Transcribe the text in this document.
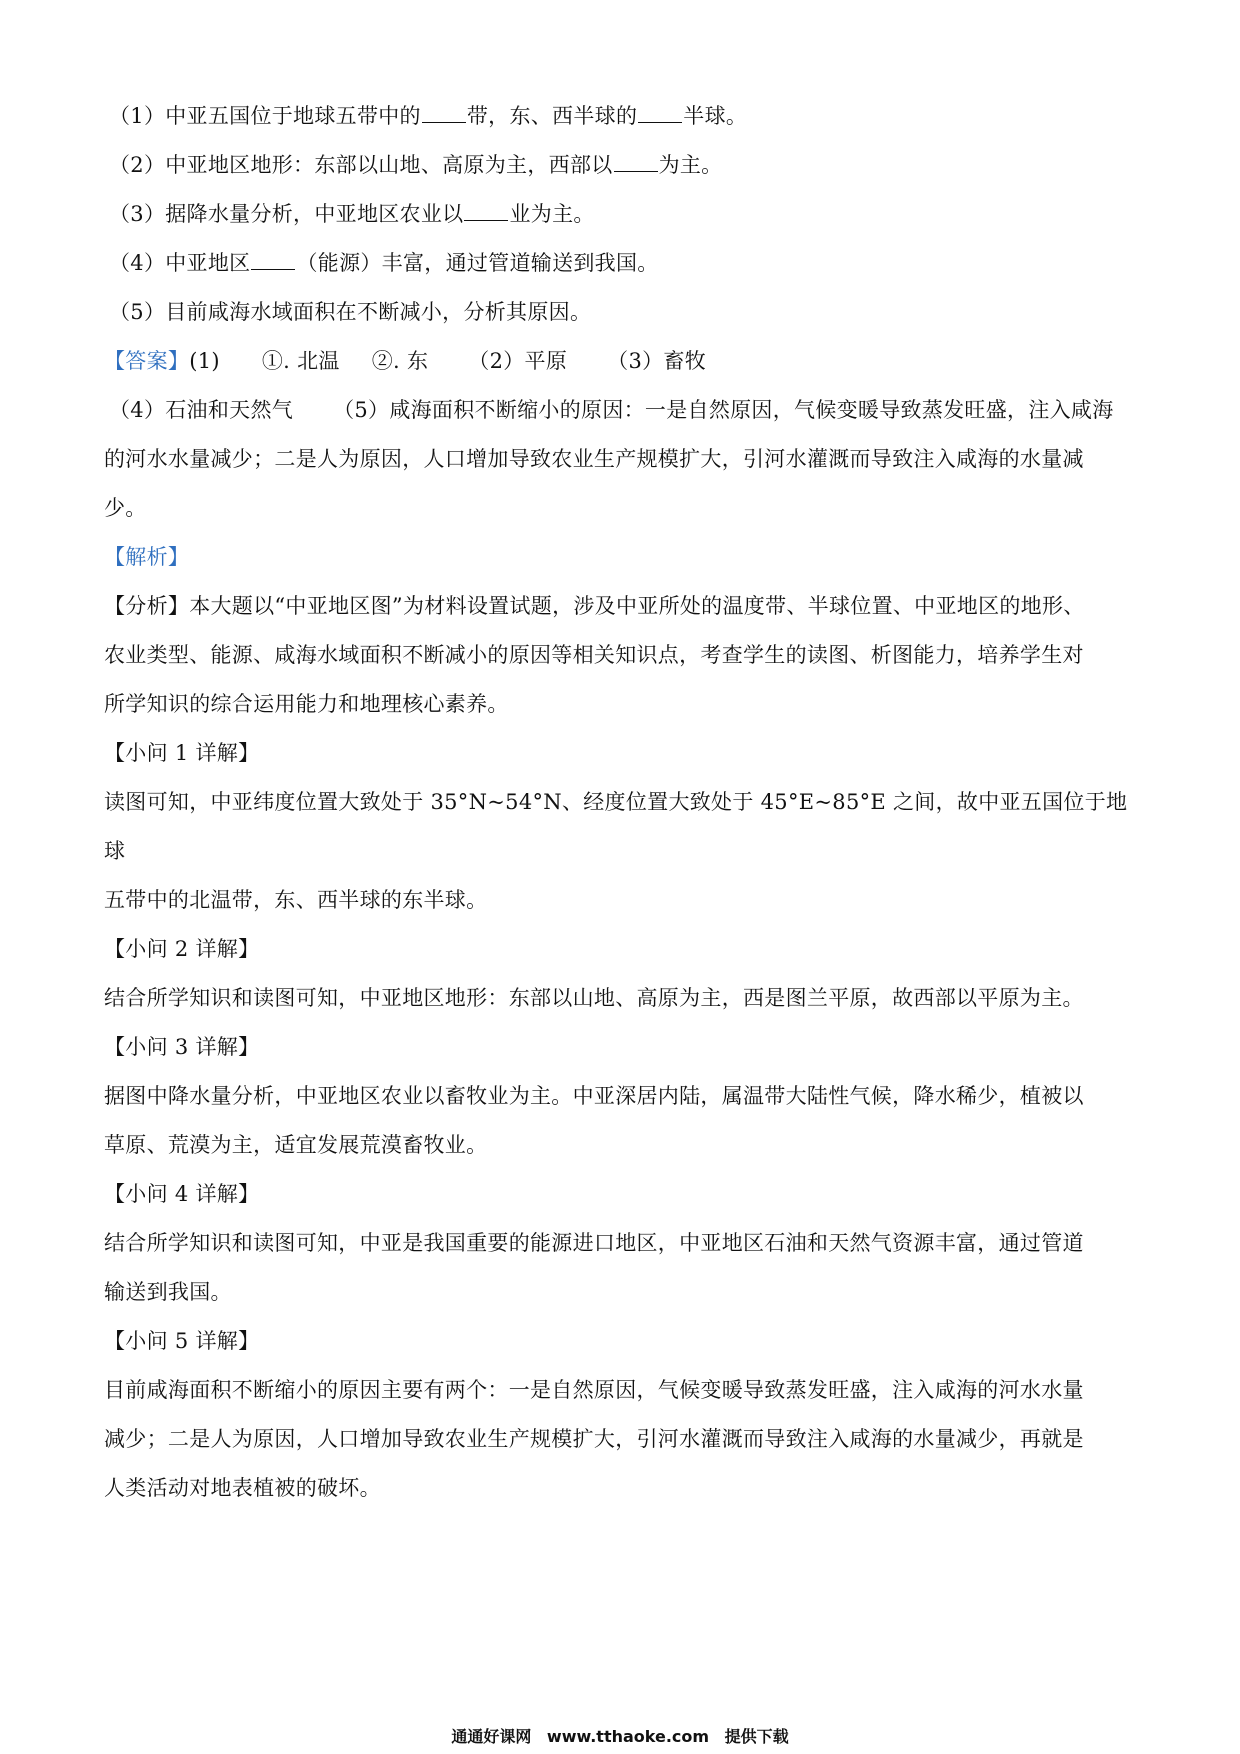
（1）中亚五国位于地球五带中的 带，东、西半球的 半球。
（2）中亚地区地形：东部以山地、高原为主，西部以 为主。
（3）据降水量分析，中亚地区农业以 业为主。
（4）中亚地区 （能源）丰富，通过管道输送到我国。
（5）目前咸海水域面积在不断减小，分析其原因。
【答案】(1) ①. 北温 ②. 东 （2）平原 （3）畜牧
（4）石油和天然气 （5）咸海面积不断缩小的原因：一是自然原因，气候变暖导致蒸发旺盛，注入咸海
的河水水量减少；二是人为原因，人口增加导致农业生产规模扩大，引河水灌溉而导致注入咸海的水量减
少。
【解析】
【分析】本大题以“中亚地区图”为材料设置试题，涉及中亚所处的温度带、半球位置、中亚地区的地形、
农业类型、能源、咸海水域面积不断减小的原因等相关知识点，考查学生的读图、析图能力，培养学生对
所学知识的综合运用能力和地理核心素养。
【小问 1 详解】
读图可知，中亚纬度位置大致处于 35°N~54°N、经度位置大致处于 45°E~85°E 之间，故中亚五国位于地球
五带中的北温带，东、西半球的东半球。
【小问 2 详解】
结合所学知识和读图可知，中亚地区地形：东部以山地、高原为主，西是图兰平原，故西部以平原为主。
【小问 3 详解】
据图中降水量分析，中亚地区农业以畜牧业为主。中亚深居内陆，属温带大陆性气候，降水稀少，植被以
草原、荒漠为主，适宜发展荒漠畜牧业。
【小问 4 详解】
结合所学知识和读图可知，中亚是我国重要的能源进口地区，中亚地区石油和天然气资源丰富，通过管道
输送到我国。
【小问 5 详解】
目前咸海面积不断缩小的原因主要有两个：一是自然原因，气候变暖导致蒸发旺盛，注入咸海的河水水量
减少；二是人为原因，人口增加导致农业生产规模扩大，引河水灌溉而导致注入咸海的水量减少，再就是
人类活动对地表植被的破坏。
通通好课网 www.tthaoke.com 提供下载
